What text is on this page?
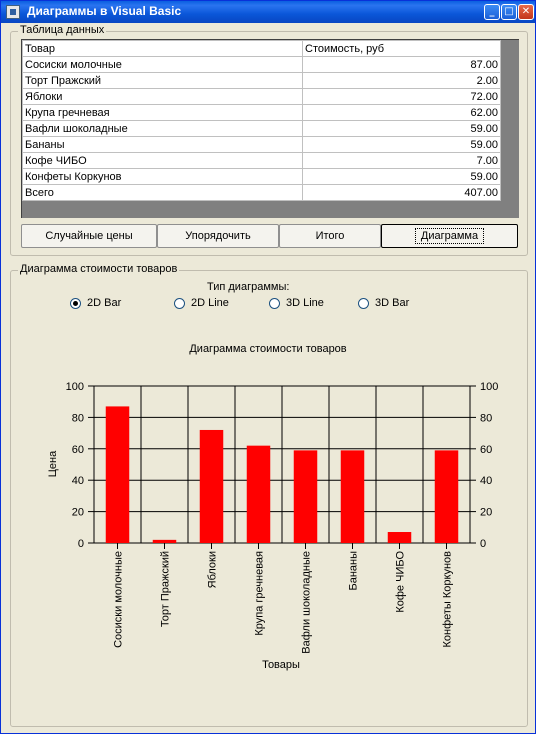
Диаграммы в Visual Basic	_ □ ✕
Таблица данных
Товар	Стоимость, руб
Сосиски молочные	87.00
Торт Пражский	2.00
Яблоки	72.00
Крупа гречневая	62.00
Вафли шоколадные	59.00
Бананы	59.00
Кофе ЧИБО	7.00
Конфеты Коркунов	59.00
Всего	407.00
Случайные цены	Упорядочить	Итого	Диаграмма
Диаграмма стоимости товаров
Тип диаграммы:
2D Bar	2D Line	3D Line	3D Bar
Диаграмма стоимости товаров
Цена
Товары
0	0
20	20
40	40
60	60
80	80
100	100
Сосиски молочные	Торт Пражский	Яблоки	Крупа гречневая	Вафли шоколадные	Бананы	Кофе ЧИБО	Конфеты Коркунов
